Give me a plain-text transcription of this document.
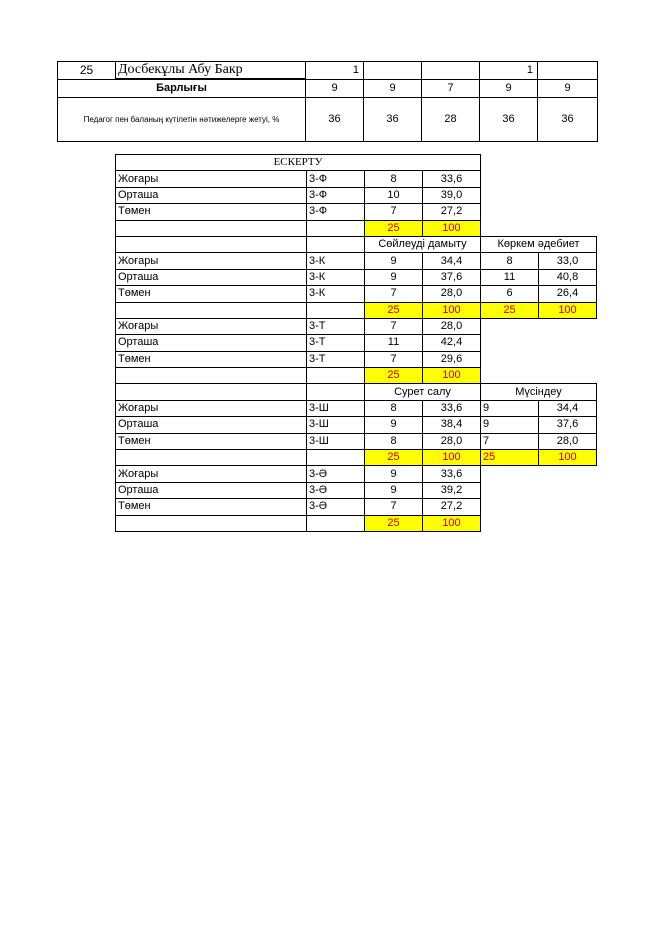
25	Досбекұлы Абу Бакр	1			1	
Барлығы		9	9	7	9	9
Педагог пен баланың күтілетін нәтижелерге жетуі, %		36	36	28	36	36
ЕСКЕРТУ					
Жоғары	3-Ф	8	33,6		
Орташа	3-Ф	10	39,0		
Төмен	3-Ф	7	27,2		
		25	100		
		Сөйлеуді дамыту		Көркем әдебиет	
Жоғары	3-К	9	34,4	8	33,0
Орташа	3-К	9	37,6	11	40,8
Төмен	3-К	7	28,0	6	26,4
		25	100	25	100
Жоғары	3-Т	7	28,0		
Орташа	3-Т	11	42,4		
Төмен	3-Т	7	29,6		
		25	100		
		Сурет салу		Мүсіндеу	
Жоғары	3-Ш	8	33,6	9	34,4
Орташа	3-Ш	9	38,4	9	37,6
Төмен	3-Ш	8	28,0	7	28,0
		25	100	25	100
Жоғары	3-Ә	9	33,6		
Орташа	3-Ә	9	39,2		
Төмен	3-Ә	7	27,2		
		25	100		
